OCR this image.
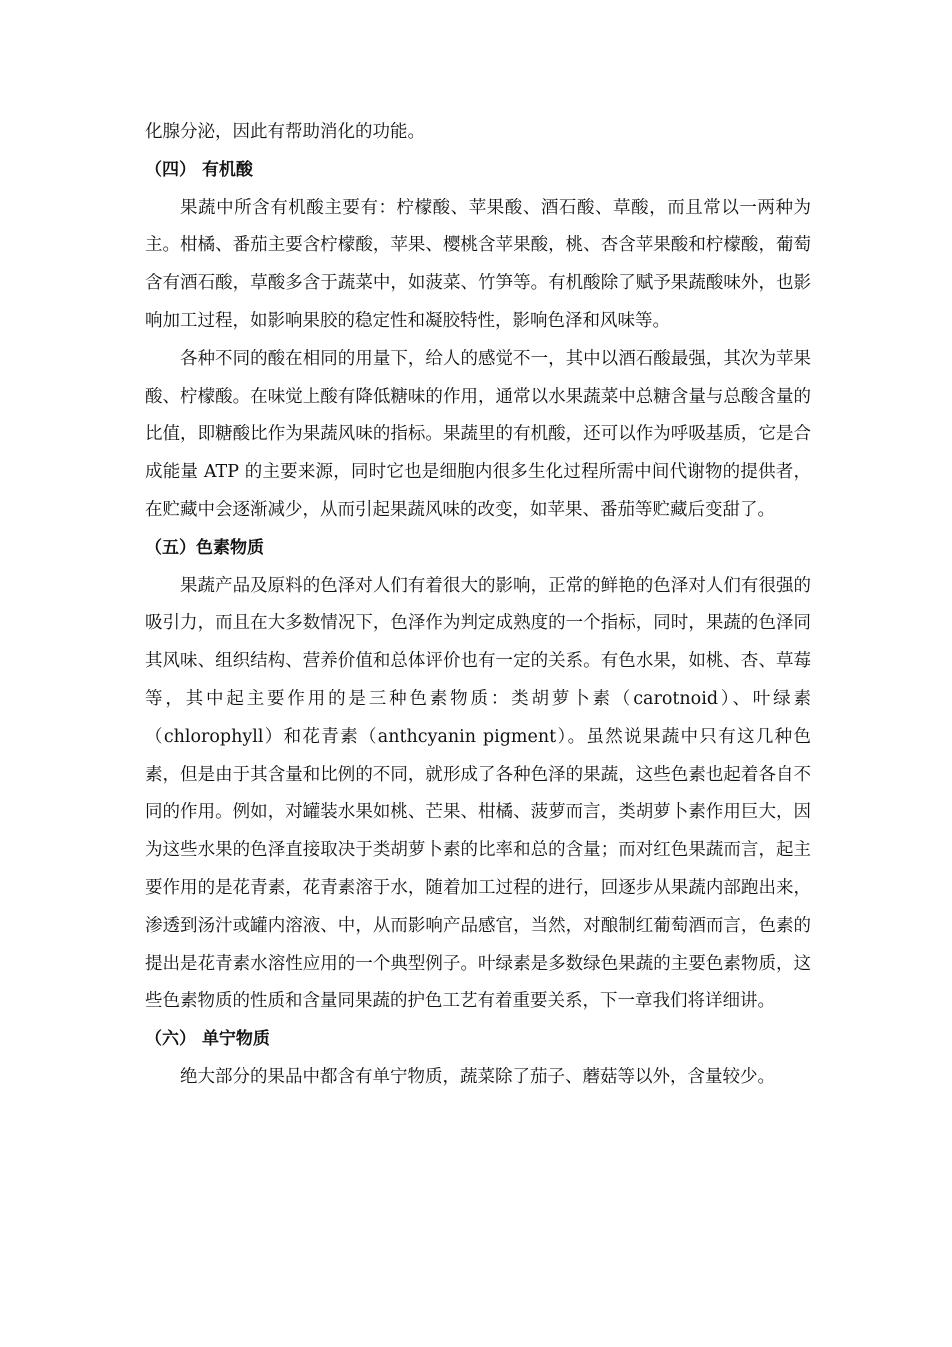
化腺分泌，因此有帮助消化的功能。

（四） 有机酸

果蔬中所含有机酸主要有：柠檬酸、苹果酸、酒石酸、草酸，而且常以一两种为主。柑橘、番茄主要含柠檬酸，苹果、樱桃含苹果酸，桃、杏含苹果酸和柠檬酸，葡萄含有酒石酸，草酸多含于蔬菜中，如菠菜、竹笋等。有机酸除了赋予果蔬酸味外，也影响加工过程，如影响果胶的稳定性和凝胶特性，影响色泽和风味等。

各种不同的酸在相同的用量下，给人的感觉不一，其中以酒石酸最强，其次为苹果酸、柠檬酸。在味觉上酸有降低糖味的作用，通常以水果蔬菜中总糖含量与总酸含量的比值，即糖酸比作为果蔬风味的指标。果蔬里的有机酸，还可以作为呼吸基质，它是合成能量 ATP 的主要来源，同时它也是细胞内很多生化过程所需中间代谢物的提供者，在贮藏中会逐渐减少，从而引起果蔬风味的改变，如苹果、番茄等贮藏后变甜了。

（五）色素物质

果蔬产品及原料的色泽对人们有着很大的影响，正常的鲜艳的色泽对人们有很强的吸引力，而且在大多数情况下，色泽作为判定成熟度的一个指标，同时，果蔬的色泽同其风味、组织结构、营养价值和总体评价也有一定的关系。有色水果，如桃、杏、草莓等，其中起主要作用的是三种色素物质：类胡萝卜素（carotnoid）、叶绿素（chlorophyll）和花青素（anthcyanin pigment）。虽然说果蔬中只有这几种色素，但是由于其含量和比例的不同，就形成了各种色泽的果蔬，这些色素也起着各自不同的作用。例如，对罐装水果如桃、芒果、柑橘、菠萝而言，类胡萝卜素作用巨大，因为这些水果的色泽直接取决于类胡萝卜素的比率和总的含量；而对红色果蔬而言，起主要作用的是花青素，花青素溶于水，随着加工过程的进行，回逐步从果蔬内部跑出来，渗透到汤汁或罐内溶液、中，从而影响产品感官，当然，对酿制红葡萄酒而言，色素的提出是花青素水溶性应用的一个典型例子。叶绿素是多数绿色果蔬的主要色素物质，这些色素物质的性质和含量同果蔬的护色工艺有着重要关系，下一章我们将详细讲。

（六） 单宁物质

绝大部分的果品中都含有单宁物质，蔬菜除了茄子、蘑菇等以外，含量较少。
